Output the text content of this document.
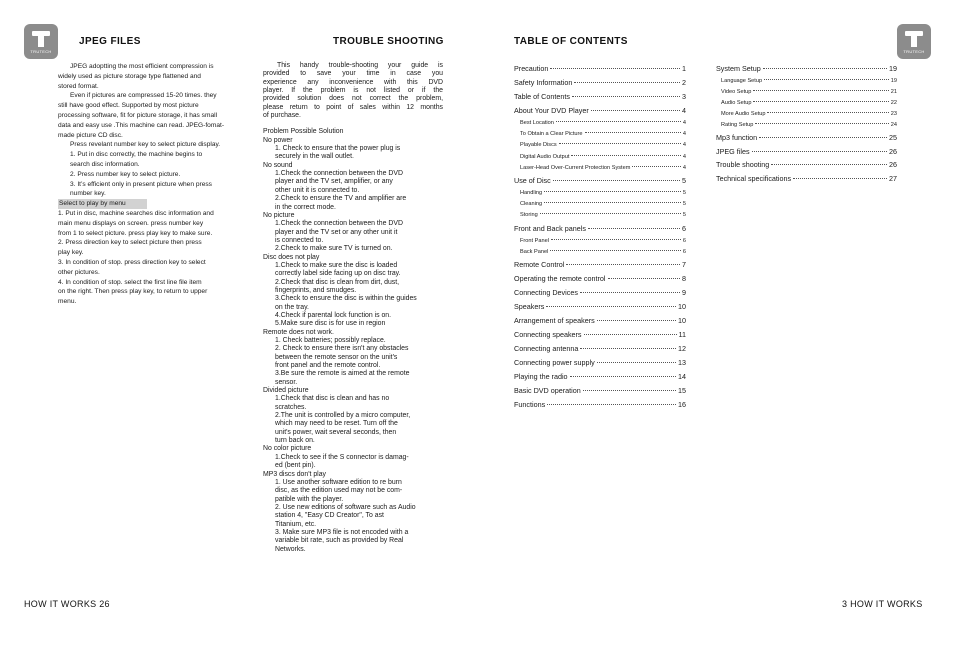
TRUTECH	TRUTECH
JPEG FILES	TROUBLE SHOOTING	TABLE OF CONTENTS

JPEG adoptting the most efficient compression is

widely used as picture storage type flattened and

stored format.

Even if pictures are compressed 15-20 times. they

still have good effect. Supported by most picture

processing software, fit for picture storage, it has small

data and easy use .This machine can read. JPEG-fomat-

made picture CD disc.

Press revelant number key to select picture display.

1. Put in disc correctly, the machine begins to

search disc information.

2. Press number key to select picture.

3. It’s efficient only in present picture when press

number key.

Select to play by menu

1. Put in disc, machine searches disc information and

main menu displays on screen. press number key

from 1 to select picture. press play key to make sure.

2. Press direction key to select picture then press

play key.

3. In condition of stop. press direction key to select

other pictures.

4. In condition of stop. select the first line file item

on the right. Then press play key, to return to upper

menu.

This handy trouble-shooting your guide is

provided to save your time in case you

experience any inconvenience with this DVD

player. If the problem is not listed or if the

provided solution does not correct the problem,

please return to point of sales within 12 months

of purchase.

Problem Possible Solution

No power

1. Check to ensure that the power plug is

securely in the wall outlet.

No sound

1.Check the connection between the DVD

player and the TV set, amplifier, or any

other unit it is connected to.

2.Check to ensure the TV and amplifier are

in the correct mode.

No picture

1.Check the connection between the DVD

player and the TV set or any other unit it

is connected to.

2.Check to make sure TV is turned on.

Disc does not play

1.Check to make sure the disc is loaded

correctly label side facing up on disc tray.

2.Check that disc is clean from dirt, dust,

fingerprints, and smudges.

3.Check to ensure the disc is within the guides

on the tray.

4.Check if parental lock function is on.

5.Make sure disc is for use in region

Remote does not work.

1. Check batteries; possibly replace.

2. Check to ensure there isn't any obstacles

between the remote sensor on the unit's

front panel and the remote control.

3.Be sure the remote is aimed at the remote

sensor.

Divided picture

1.Check that disc is clean and has no

scratches.

2.The unit is controlled by a micro computer,

which may need to be reset. Turn off the

unit's power, wait several seconds, then

turn back on.

No color picture

1.Check to see if the S connector is damag-

ed (bent pin).

MP3 discs don't play

1. Use another software edition to re burn

disc, as the edition used may not be com-

patible with the player.

2. Use new editions of software such as Audio

station 4, "Easy CD Creator", To ast

Titanium, etc.

3. Make sure MP3 file is not encoded with a

variable bit rate, such as provided by Real

Networks.

Precaution	1
Safety Information	2
Table of Contents	3
About Your DVD Player	4
Best Location	4
To Obtain a Clear Picture	4
Playable Discs	4
Digital Audio Output	4
Laser-Head Over-Current Protection System	4
Use of Disc	5
Handling	5
Cleaning	5
Storing	5
Front and Back panels	6
Front Panel	6
Back Panel	6
Remote Control	7
Operating the remote control	8
Connecting Devices	9
Speakers	10
Arrangement of speakers	10
Connecting speakers	11
Connecting antenna	12
Connecting power supply	13
Playing the radio	14
Basic DVD operation	15
Functions	16
System Setup	19
Language Setup	19
Video Setup	21
Audio Setup	22
More Audio Setup	23
Rating Setup	24
Mp3 function	25
JPEG files	26
Trouble shooting	26
Technical specifications	27
HOW IT WORKS 26	3 HOW IT WORKS
